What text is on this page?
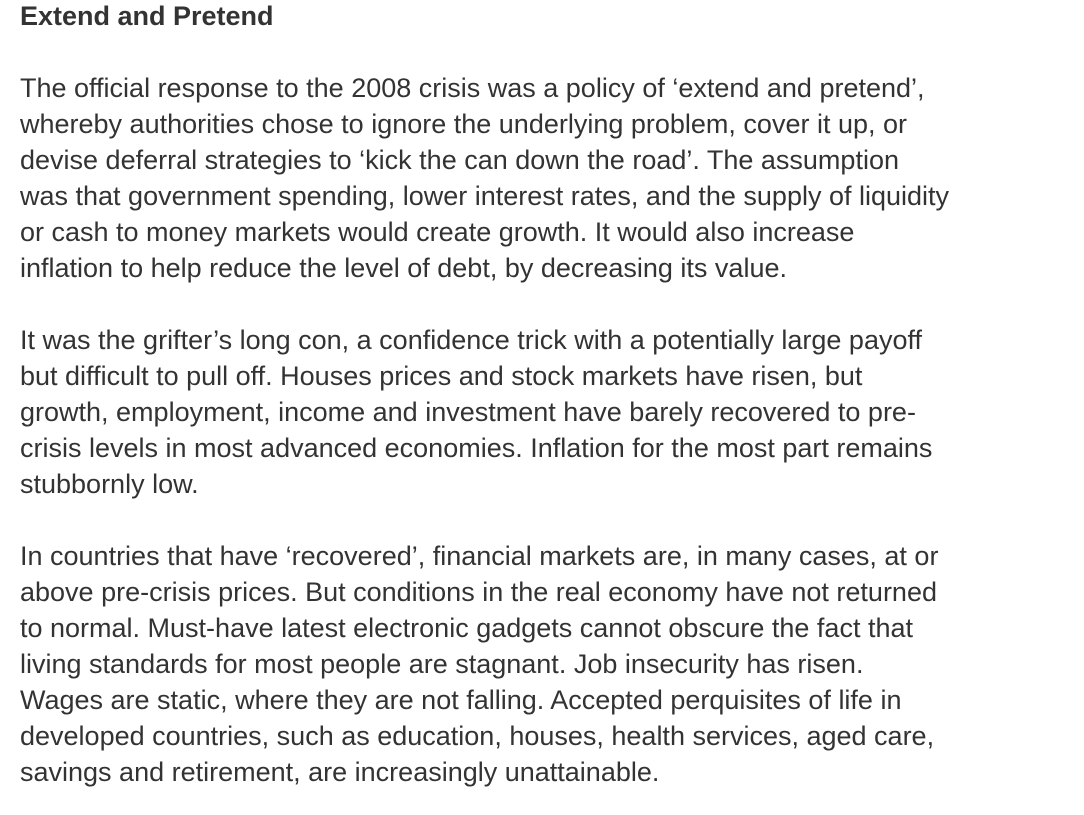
Extend and Pretend

The official response to the 2008 crisis was a policy of ‘extend and pretend’,
whereby authorities chose to ignore the underlying problem, cover it up, or
devise deferral strategies to ‘kick the can down the road’. The assumption
was that government spending, lower interest rates, and the supply of liquidity
or cash to money markets would create growth. It would also increase
inflation to help reduce the level of debt, by decreasing its value.

It was the grifter’s long con, a confidence trick with a potentially large payoff
but difficult to pull off. Houses prices and stock markets have risen, but
growth, employment, income and investment have barely recovered to pre-
crisis levels in most advanced economies. Inflation for the most part remains
stubbornly low.

In countries that have ‘recovered’, financial markets are, in many cases, at or
above pre-crisis prices. But conditions in the real economy have not returned
to normal. Must-have latest electronic gadgets cannot obscure the fact that
living standards for most people are stagnant. Job insecurity has risen.
Wages are static, where they are not falling. Accepted perquisites of life in
developed countries, such as education, houses, health services, aged care,
savings and retirement, are increasingly unattainable.
